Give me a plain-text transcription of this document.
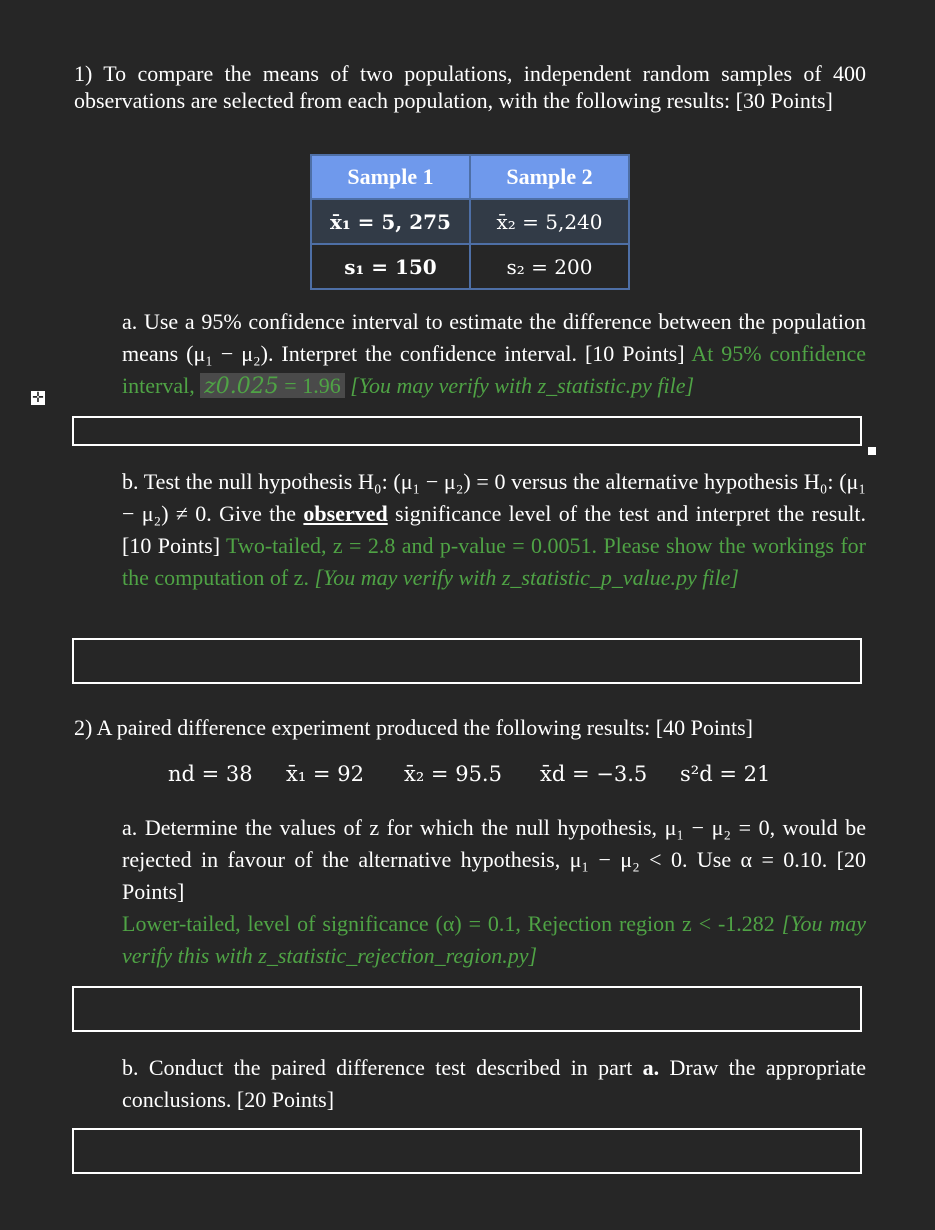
1) To compare the means of two populations, independent random samples of 400 observations are selected from each population, with the following results: [30 Points]
Sample 1	Sample 2
x̄₁ = 5, 275	x̄₂ = 5,240
s₁ = 150	s₂ = 200
a. Use a 95% confidence interval to estimate the difference between the population means (μ₁ − μ₂). Interpret the confidence interval. [10 Points] At 95% confidence interval, z0.025 = 1.96 [You may verify with z_statistic.py file]
✛
b. Test the null hypothesis H₀: (μ₁ − μ₂) = 0 versus the alternative hypothesis H₀: (μ₁ − μ₂) ≠ 0. Give the observed significance level of the test and interpret the result. [10 Points] Two-tailed, z = 2.8 and p-value = 0.0051. Please show the workings for the computation of z. [You may verify with z_statistic_p_value.py file]
2) A paired difference experiment produced the following results: [40 Points]
nd = 38 x̄₁ = 92 x̄₂ = 95.5 x̄d = −3.5 s²d = 21
a. Determine the values of z for which the null hypothesis, μ₁ − μ₂ = 0, would be rejected in favour of the alternative hypothesis, μ₁ − μ₂ < 0. Use α = 0.10. [20 Points]
Lower-tailed, level of significance (α) = 0.1, Rejection region z < -1.282 [You may verify this with z_statistic_rejection_region.py]
b. Conduct the paired difference test described in part a. Draw the appropriate conclusions. [20 Points]
